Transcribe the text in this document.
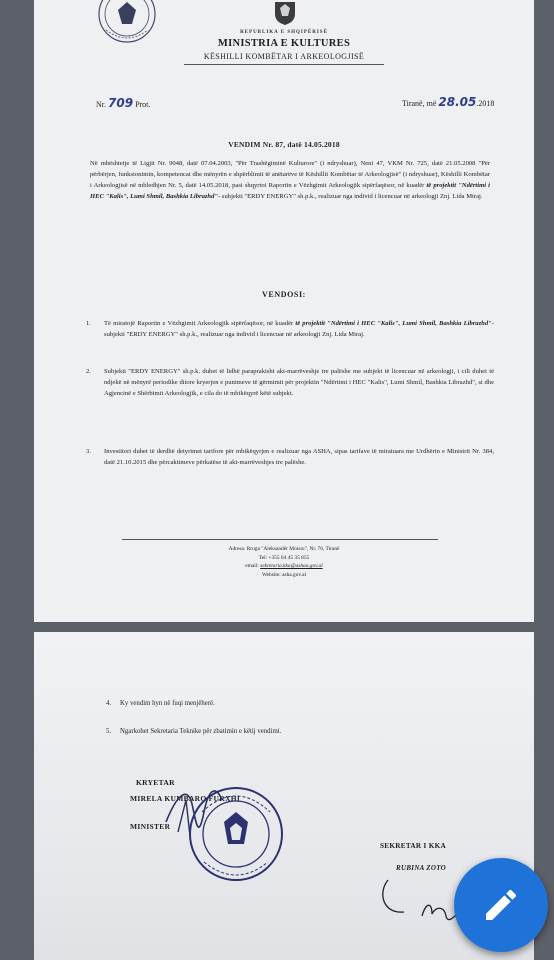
REPUBLIKA E SHQIPËRISË
MINISTRIA E KULTURES
KËSHILLI KOMBËTAR I ARKEOLOGJISË
Nr. 709 Prot.	Tiranë, më 28.05.2018
VENDIM Nr. 87, datë 14.05.2018

Në mbështetje të Ligjit Nr. 9048, datë 07.04.2003, "Për Trashëgiminë Kulturore" (i ndryshuar), Neni 47, VKM Nr. 725, datë 21.05.2008 "Për përbërjen, funksionimin, kompetencat dhe mënyrën e shpërblimit të anëtarëve të Këshillit Kombëtar të Arkeologjisë" (i ndryshuar), Këshilli Kombëtar i Arkeologjisë në mbledhjen Nr. 5, datë 14.05.2018, pasi shqyrtoi Raportin e Vëzhgimit Arkeologjik sipërfaqësor, në kuadër të projektit "Ndërtimi i HEC "Kalis", Lumi Shmil, Bashkia Librazhd"- subjekti "ERDY ENERGY" sh.p.k., realizuar nga individ i licencuar në arkeologji Znj. Lida Miraj.

VENDOSI:
1. Të miratojë Raportin e Vëzhgimit Arkeologjik sipërfaqësor, në kuadër të projektit "Ndërtimi i HEC "Kalis", Lumi Shmil, Bashkia Librazhd"- subjekti "ERDY ENERGY" sh.p.k., realizuar nga individ i licencuar në arkeologji Znj. Lida Miraj.
2. Subjekti "ERDY ENERGY" sh.p.k. duhet të lidhë paraprakisht akt-marrëveshje tre palëshe me subjekt të licencuar në arkeologji, i cili duhet të ndjekë në mënyrë periodike ditore kryerjen e punimeve të gërmimit për projektin "Ndërtimi i HEC "Kalis", Lumi Shmil, Bashkia Librazhd", si dhe Agjencinë e Shërbimit Arkeologjik, e cila do të mbikëqyrë këtë subjekt.
3. Investitori duhet të derdhë detyrimet tarifore për mbikëqyrjen e realizuar nga ASHA, sipas tarifave të miratuara me Urdhërin e Ministrit Nr. 384, datë 21.10.2015 dhe përcaktimeve përkatëse të akt-marrëveshjes tre palëshe.
Adresa: Rruga "Aleksandër Moisiu", Nr. 76, Tiranë
Tel: +355 04 45 35 855
email: sekretaria.kka@ashaa.gov.al
Website: asha.gov.al
4. Ky vendim hyn në fuqi menjëherë.
5. Ngarkohet Sekretaria Teknike për zbatimin e këtij vendimi.
KRYETAR
MIRELA KUMBARO FURXHI
MINISTER
SEKRETAR I KKA
RUBINA ZOTO
